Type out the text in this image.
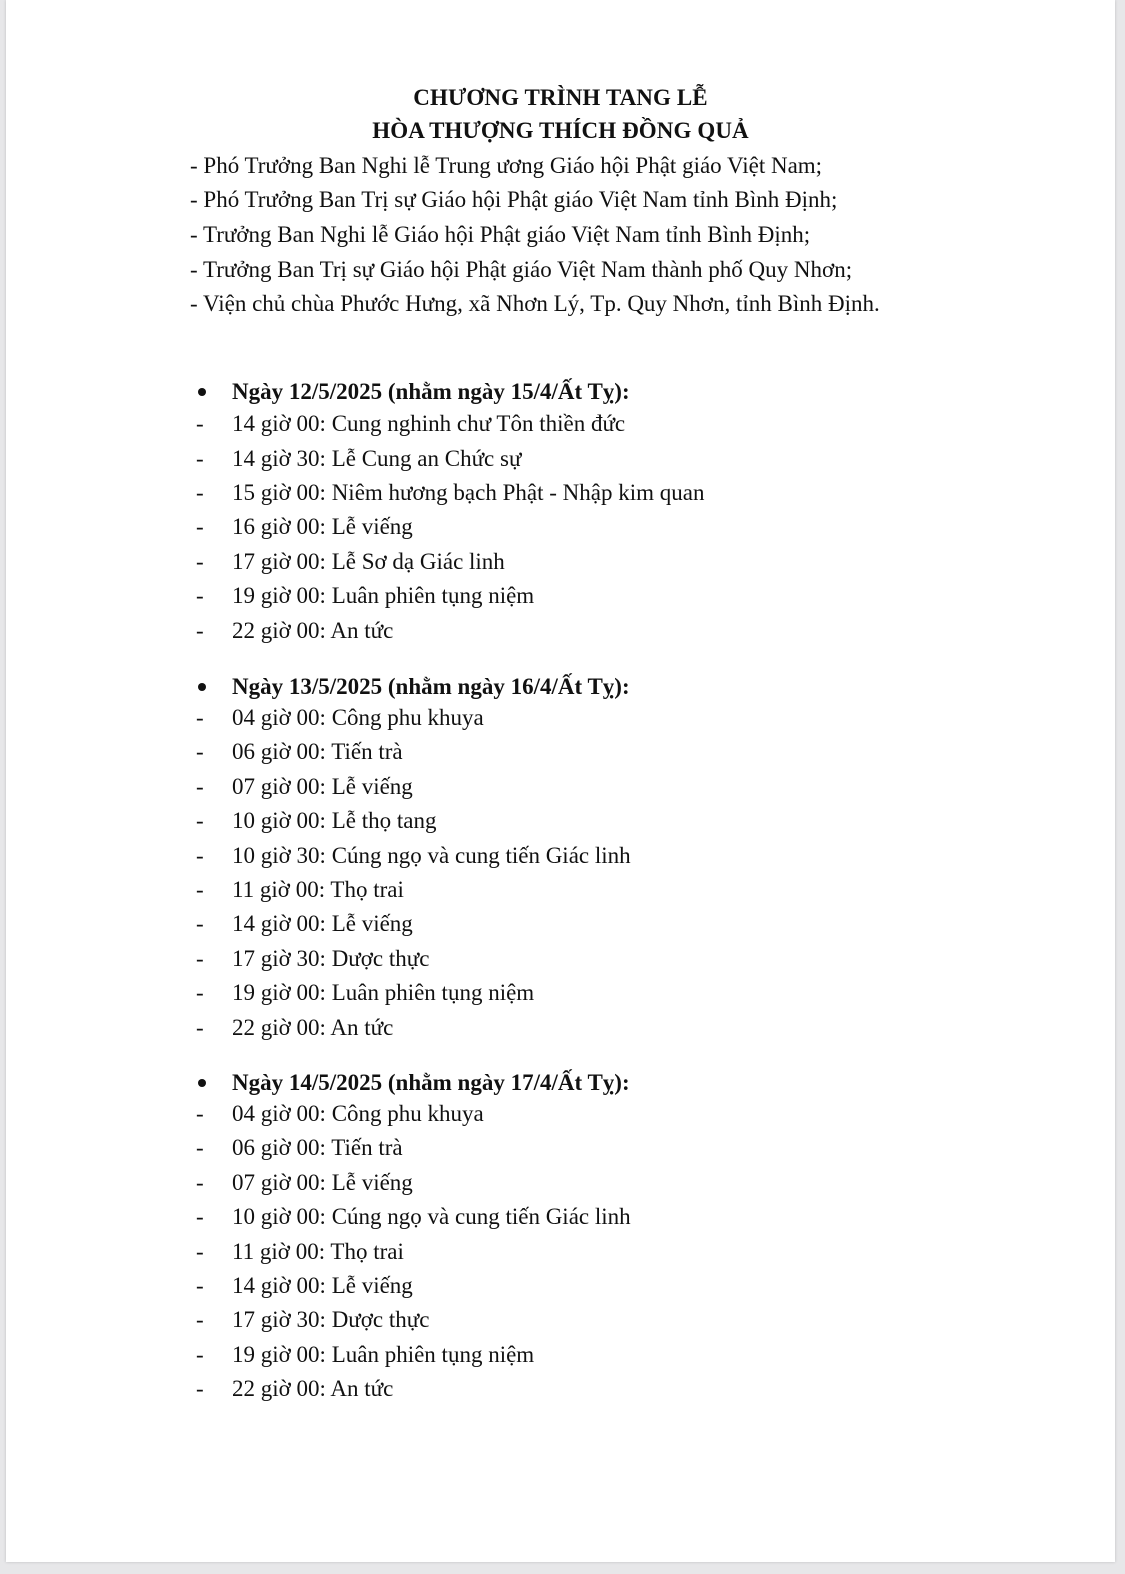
CHƯƠNG TRÌNH TANG LỄ
HÒA THƯỢNG THÍCH ĐỒNG QUẢ
- Phó Trưởng Ban Nghi lễ Trung ương Giáo hội Phật giáo Việt Nam;
- Phó Trưởng Ban Trị sự Giáo hội Phật giáo Việt Nam tỉnh Bình Định;
- Trưởng Ban Nghi lễ Giáo hội Phật giáo Việt Nam tỉnh Bình Định;
- Trưởng Ban Trị sự Giáo hội Phật giáo Việt Nam thành phố Quy Nhơn;
- Viện chủ chùa Phước Hưng, xã Nhơn Lý, Tp. Quy Nhơn, tỉnh Bình Định.
Ngày 12/5/2025 (nhằm ngày 15/4/Ất Tỵ):
- 14 giờ 00: Cung nghinh chư Tôn thiền đức
- 14 giờ 30: Lễ Cung an Chức sự
- 15 giờ 00: Niêm hương bạch Phật - Nhập kim quan
- 16 giờ 00: Lễ viếng
- 17 giờ 00: Lễ Sơ dạ Giác linh
- 19 giờ 00: Luân phiên tụng niệm
- 22 giờ 00: An tức
Ngày 13/5/2025 (nhằm ngày 16/4/Ất Tỵ):
- 04 giờ 00: Công phu khuya
- 06 giờ 00: Tiến trà
- 07 giờ 00: Lễ viếng
- 10 giờ 00: Lễ thọ tang
- 10 giờ 30: Cúng ngọ và cung tiến Giác linh
- 11 giờ 00: Thọ trai
- 14 giờ 00: Lễ viếng
- 17 giờ 30: Dược thực
- 19 giờ 00: Luân phiên tụng niệm
- 22 giờ 00: An tức
Ngày 14/5/2025 (nhằm ngày 17/4/Ất Tỵ):
- 04 giờ 00: Công phu khuya
- 06 giờ 00: Tiến trà
- 07 giờ 00: Lễ viếng
- 10 giờ 00: Cúng ngọ và cung tiến Giác linh
- 11 giờ 00: Thọ trai
- 14 giờ 00: Lễ viếng
- 17 giờ 30: Dược thực
- 19 giờ 00: Luân phiên tụng niệm
- 22 giờ 00: An tức
